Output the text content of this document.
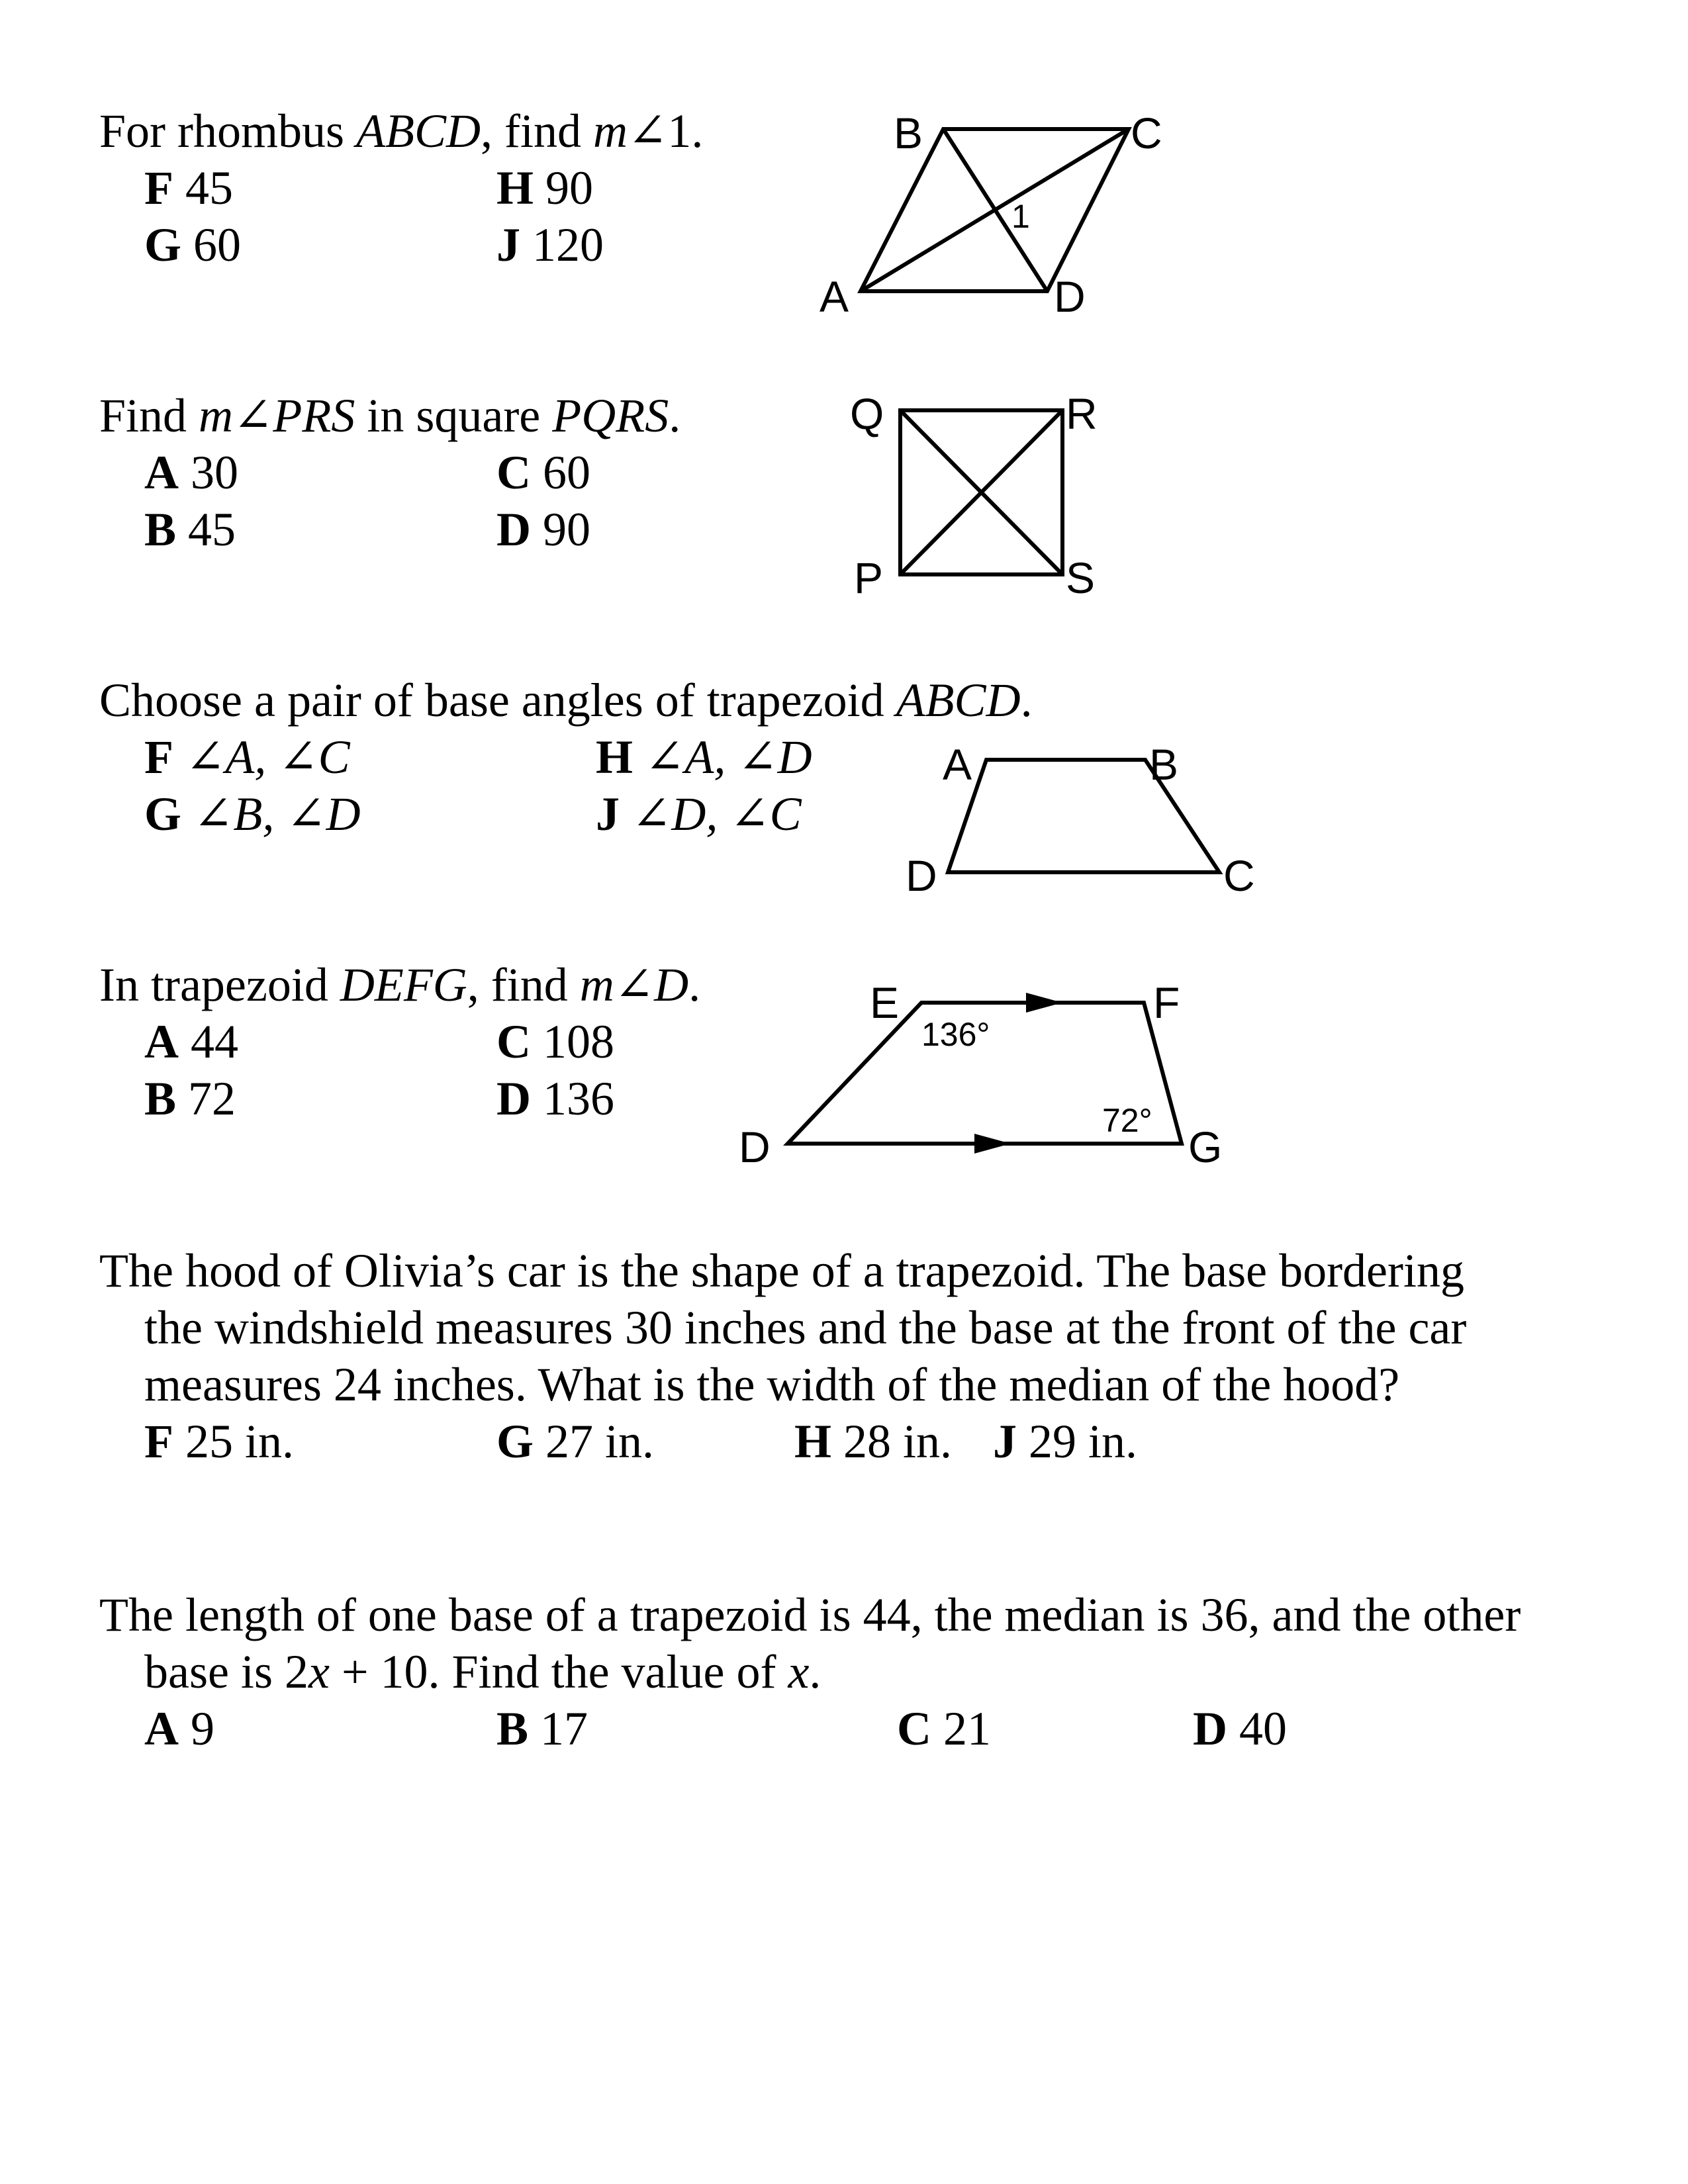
For rhombus ABCD, find m∠1.
F 45	H 90
G 60	J 120
B	C
A	D
1
Find m∠PRS in square PQRS.
A 30	C 60
B 45	D 90
Q	R
P	S
Choose a pair of base angles of trapezoid ABCD.
F ∠A, ∠C	H ∠A, ∠D
G ∠B, ∠D	J ∠D, ∠C
A	B
D	C
In trapezoid DEFG, find m∠D.
A 44	C 108
B 72	D 136
E	F
D	G
136°
72°
The hood of Olivia’s car is the shape of a trapezoid. The base bordering
the windshield measures 30 inches and the base at the front of the car
measures 24 inches. What is the width of the median of the hood?
F 25 in.	G 27 in.	H 28 in. J 29 in.
The length of one base of a trapezoid is 44, the median is 36, and the other
base is 2x + 10. Find the value of x.
A 9	B 17	C 21	D 40
